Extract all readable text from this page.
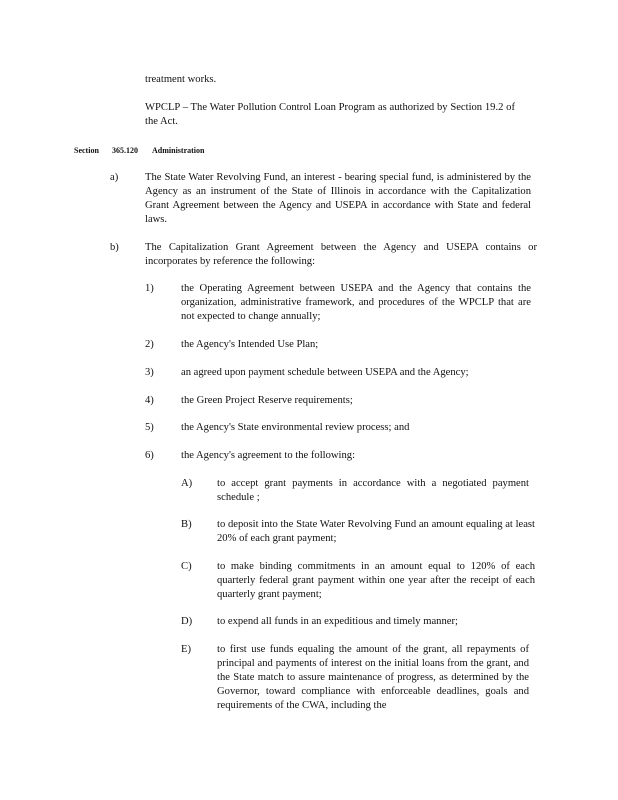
treatment works.
WPCLP – The Water Pollution Control Loan Program as authorized by Section 19.2 of the Act.
Section 365.120 Administration
a)	The State Water Revolving Fund, an interest - bearing special fund, is administered by the Agency as an instrument of the State of Illinois in accordance with the Capitalization Grant Agreement between the Agency and USEPA in accordance with State and federal laws.
b) The Capitalization Grant Agreement between the Agency and USEPA contains or incorporates by reference the following:
1)	the Operating Agreement between USEPA and the Agency that contains the organization, administrative framework, and procedures of the WPCLP that are not expected to change annually;
2)	the Agency's Intended Use Plan;
3)	an agreed upon payment schedule between USEPA and the Agency;
4)	the Green Project Reserve requirements;
5)	the Agency's State environmental review process; and
6)	the Agency's agreement to the following:
A) to accept grant payments in accordance with a negotiated payment schedule ;
B) to deposit into the State Water Revolving Fund an amount equaling at least 20% of each grant payment;
C) to make binding commitments in an amount equal to 120% of each quarterly federal grant payment within one year after the receipt of each quarterly grant payment;
D) to expend all funds in an expeditious and timely manner;
E) to first use funds equaling the amount of the grant, all repayments of principal and payments of interest on the initial loans from the grant, and the State match to assure maintenance of progress, as determined by the Governor, toward compliance with enforceable deadlines, goals and requirements of the CWA, including the
